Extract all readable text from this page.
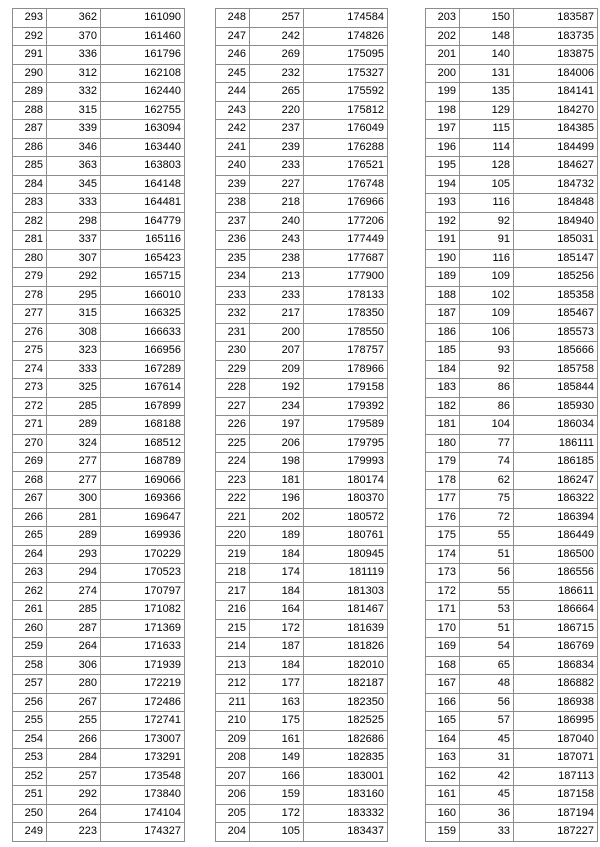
293	362	161090
292	370	161460
291	336	161796
290	312	162108
289	332	162440
288	315	162755
287	339	163094
286	346	163440
285	363	163803
284	345	164148
283	333	164481
282	298	164779
281	337	165116
280	307	165423
279	292	165715
278	295	166010
277	315	166325
276	308	166633
275	323	166956
274	333	167289
273	325	167614
272	285	167899
271	289	168188
270	324	168512
269	277	168789
268	277	169066
267	300	169366
266	281	169647
265	289	169936
264	293	170229
263	294	170523
262	274	170797
261	285	171082
260	287	171369
259	264	171633
258	306	171939
257	280	172219
256	267	172486
255	255	172741
254	266	173007
253	284	173291
252	257	173548
251	292	173840
250	264	174104
249	223	174327
248	257	174584
247	242	174826
246	269	175095
245	232	175327
244	265	175592
243	220	175812
242	237	176049
241	239	176288
240	233	176521
239	227	176748
238	218	176966
237	240	177206
236	243	177449
235	238	177687
234	213	177900
233	233	178133
232	217	178350
231	200	178550
230	207	178757
229	209	178966
228	192	179158
227	234	179392
226	197	179589
225	206	179795
224	198	179993
223	181	180174
222	196	180370
221	202	180572
220	189	180761
219	184	180945
218	174	181119
217	184	181303
216	164	181467
215	172	181639
214	187	181826
213	184	182010
212	177	182187
211	163	182350
210	175	182525
209	161	182686
208	149	182835
207	166	183001
206	159	183160
205	172	183332
204	105	183437
203	150	183587
202	148	183735
201	140	183875
200	131	184006
199	135	184141
198	129	184270
197	115	184385
196	114	184499
195	128	184627
194	105	184732
193	116	184848
192	92	184940
191	91	185031
190	116	185147
189	109	185256
188	102	185358
187	109	185467
186	106	185573
185	93	185666
184	92	185758
183	86	185844
182	86	185930
181	104	186034
180	77	186111
179	74	186185
178	62	186247
177	75	186322
176	72	186394
175	55	186449
174	51	186500
173	56	186556
172	55	186611
171	53	186664
170	51	186715
169	54	186769
168	65	186834
167	48	186882
166	56	186938
165	57	186995
164	45	187040
163	31	187071
162	42	187113
161	45	187158
160	36	187194
159	33	187227
